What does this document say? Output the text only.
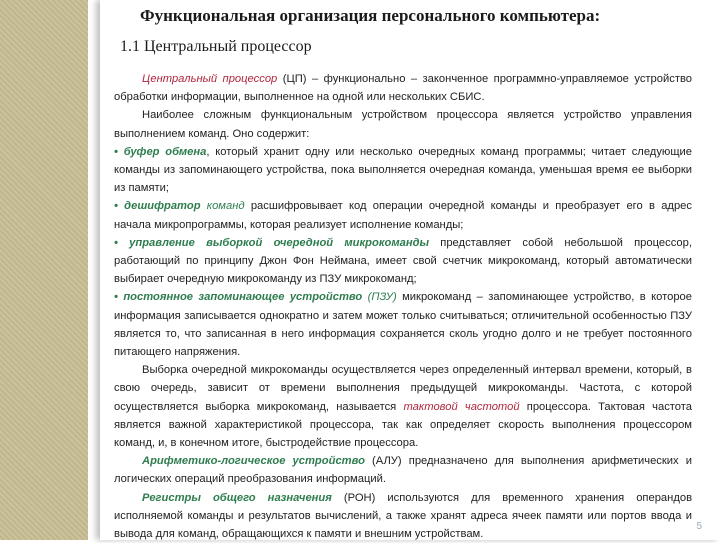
Функциональная организация персонального компьютера:
1.1 Центральный процессор

Центральный процессор (ЦП) – функционально – законченное программно-управляемое устройство обработки информации, выполненное на одной или нескольких СБИС.

Наиболее сложным функциональным устройством процессора является устройство управления выполнением команд. Оно содержит:

• буфер обмена, который хранит одну или несколько очередных команд программы; читает следующие команды из запоминающего устройства, пока выполняется очередная команда, уменьшая время ее выборки из памяти;

• дешифратор команд расшифровывает код операции очередной команды и преобразует его в адрес начала микропрограммы, которая реализует исполнение команды;

• управление выборкой очередной микрокоманды представляет собой небольшой процессор, работающий по принципу Джон Фон Неймана, имеет свой счетчик микрокоманд, который автоматически выбирает очередную микрокоманду из ПЗУ микрокоманд;

• постоянное запоминающее устройство (ПЗУ) микрокоманд – запоминающее устройство, в которое информация записывается однократно и затем может только считываться; отличительной особенностью ПЗУ является то, что записанная в него информация сохраняется сколь угодно долго и не требует постоянного питающего напряжения.

Выборка очередной микрокоманды осуществляется через определенный интервал времени, который, в свою очередь, зависит от времени выполнения предыдущей микрокоманды. Частота, с которой осуществляется выборка микрокоманд, называется тактовой частотой процессора. Тактовая частота является важной характеристикой процессора, так как определяет скорость выполнения процессором команд, и, в конечном итоге, быстродействие процессора.

Арифметико-логическое устройство (АЛУ) предназначено для выполнения арифметических и логических операций преобразования информаций.

Регистры общего назначения (РОН) используются для временного хранения операндов исполняемой команды и результатов вычислений, а также хранят адреса ячеек памяти или портов ввода и вывода для команд, обращающихся к памяти и внешним устройствам.

5
